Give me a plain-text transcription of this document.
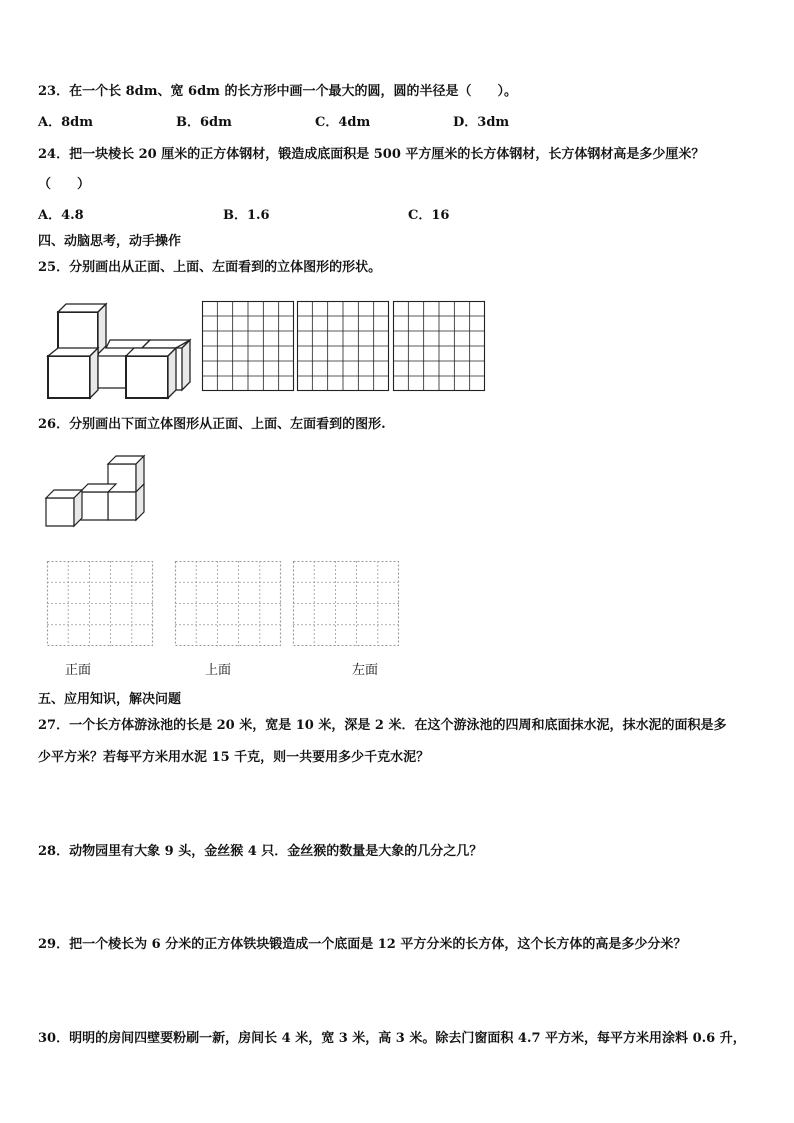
23．在一个长 8dm、宽 6dm 的长方形中画一个最大的圆，圆的半径是（　　）。
A．8dm	B．6dm	C．4dm	D．3dm
24．把一块棱长 20 厘米的正方体钢材，锻造成底面积是 500 平方厘米的长方体钢材，长方体钢材高是多少厘米？
（　　）
A．4.8	B．1.6	C．16
四、动脑思考，动手操作
25．分别画出从正面、上面、左面看到的立体图形的形状。
26．分别画出下面立体图形从正面、上面、左面看到的图形.
正面	上面	左面
五、应用知识，解决问题
27．一个长方体游泳池的长是 20 米，宽是 10 米，深是 2 米．在这个游泳池的四周和底面抹水泥，抹水泥的面积是多
少平方米？若每平方米用水泥 15 千克，则一共要用多少千克水泥？
28．动物园里有大象 9 头，金丝猴 4 只．金丝猴的数量是大象的几分之几？
29．把一个棱长为 6 分米的正方体铁块锻造成一个底面是 12 平方分米的长方体，这个长方体的高是多少分米？
30．明明的房间四壁要粉刷一新，房间长 4 米，宽 3 米，高 3 米。除去门窗面积 4.7 平方米，每平方米用涂料 0.6 升，
